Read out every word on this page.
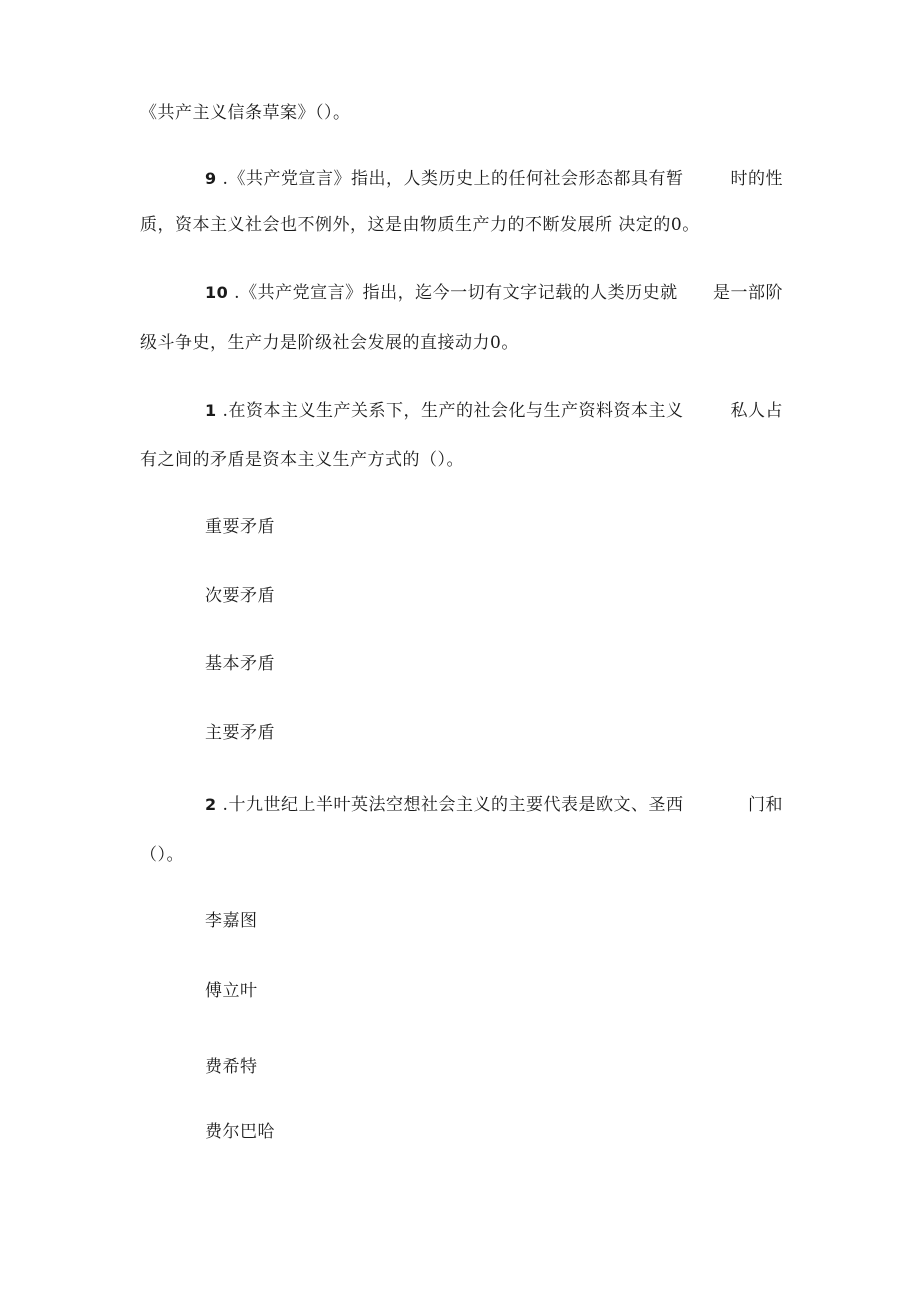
《共产主义信条草案》（）。
9 .《共产党宣言》指出，人类历史上的任何社会形态都具有暂	时的性
质，资本主义社会也不例外，这是由物质生产力的不断发展所 决定的0。
10 .《共产党宣言》指出，迄今一切有文字记载的人类历史就 是一部阶
级斗争史，生产力是阶级社会发展的直接动力0。
1 .在资本主义生产关系下，生产的社会化与生产资料资本主义	私人占
有之间的矛盾是资本主义生产方式的（）。
重要矛盾
次要矛盾
基本矛盾
主要矛盾
2 .十九世纪上半叶英法空想社会主义的主要代表是欧文、圣西	门和
（）。
李嘉图
傅立叶
费希特
费尔巴哈
